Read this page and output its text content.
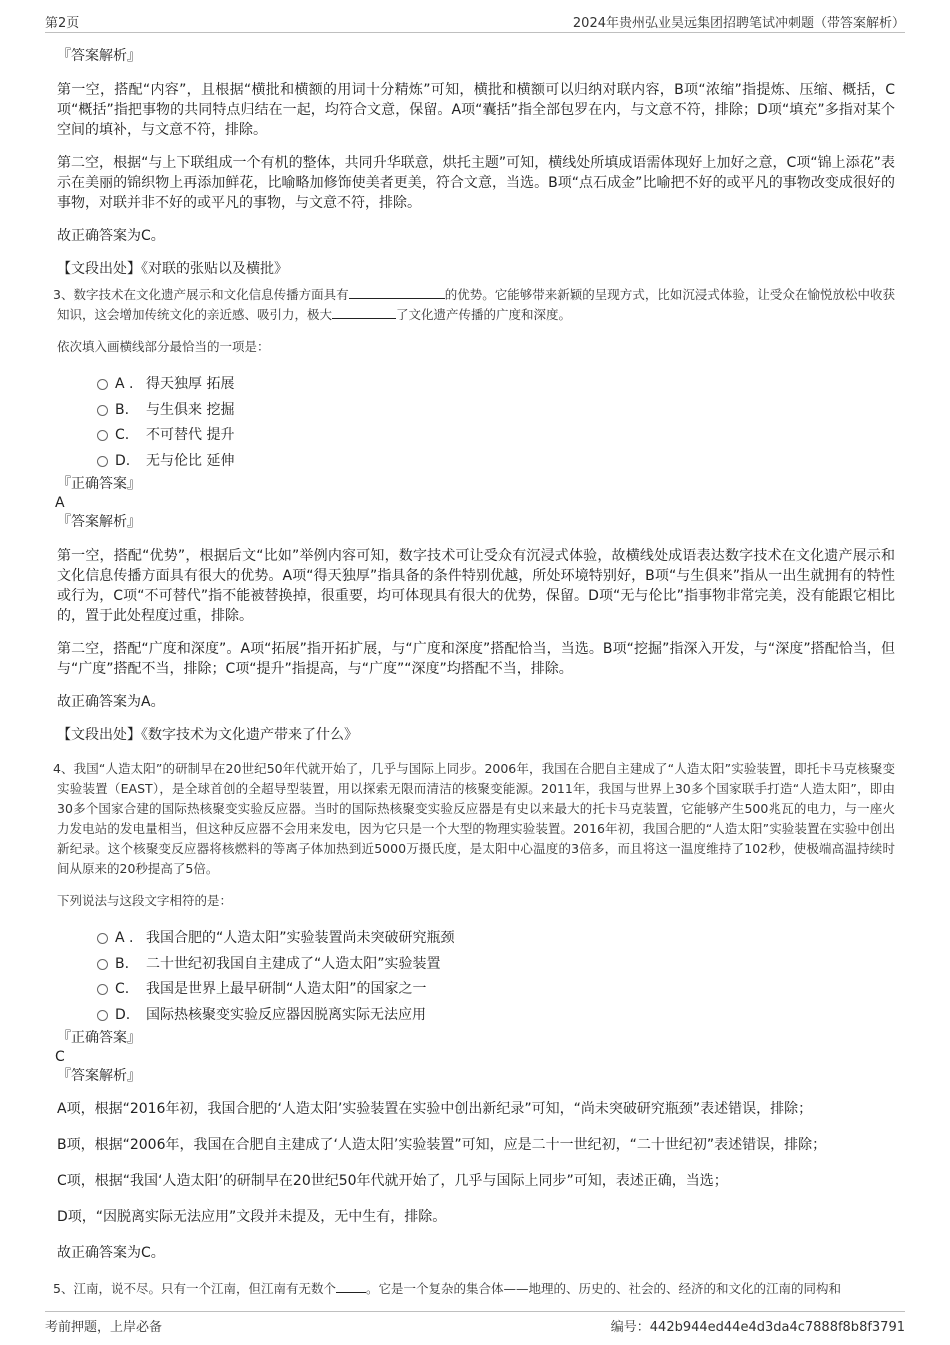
第2页	2024年贵州弘业昊远集团招聘笔试冲刺题（带答案解析）

『答案解析』

第一空，搭配“内容”，且根据“横批和横额的用词十分精炼”可知，横批和横额可以归纳对联内容，B项“浓缩”指提炼、压缩、概括，C项“概括”指把事物的共同特点归结在一起，均符合文意，保留。A项“囊括”指全部包罗在内，与文意不符，排除；D项“填充”多指对某个空间的填补，与文意不符，排除。

第二空，根据“与上下联组成一个有机的整体，共同升华联意，烘托主题”可知，横线处所填成语需体现好上加好之意，C项“锦上添花”表示在美丽的锦织物上再添加鲜花，比喻略加修饰使美者更美，符合文意，当选。B项“点石成金”比喻把不好的或平凡的事物改变成很好的事物，对联并非不好的或平凡的事物，与文意不符，排除。

故正确答案为C。

【文段出处】《对联的张贴以及横批》

3、数字技术在文化遗产展示和文化信息传播方面具有	的优势。它能够带来新颖的呈现方式，比如沉浸式体验，让受众在愉悦放松中收获知识，这会增加传统文化的亲近感、吸引力，极大	了文化遗产传播的广度和深度。

依次填入画横线部分最恰当的一项是：

A . 得天独厚 拓展
B. 与生俱来 挖掘
C. 不可替代 提升
D. 无与伦比 延伸

『正确答案』

A

『答案解析』

第一空，搭配“优势”，根据后文“比如”举例内容可知，数字技术可让受众有沉浸式体验，故横线处成语表达数字技术在文化遗产展示和文化信息传播方面具有很大的优势。A项“得天独厚”指具备的条件特别优越，所处环境特别好，B项“与生俱来”指从一出生就拥有的特性或行为，C项“不可替代”指不能被替换掉，很重要，均可体现具有很大的优势，保留。D项“无与伦比”指事物非常完美，没有能跟它相比的，置于此处程度过重，排除。

第二空，搭配“广度和深度”。A项“拓展”指开拓扩展，与“广度和深度”搭配恰当，当选。B项“挖掘”指深入开发，与“深度”搭配恰当，但与“广度”搭配不当，排除；C项“提升”指提高，与“广度”“深度”均搭配不当，排除。

故正确答案为A。

【文段出处】《数字技术为文化遗产带来了什么》

4、我国“人造太阳”的研制早在20世纪50年代就开始了，几乎与国际上同步。2006年，我国在合肥自主建成了“人造太阳”实验装置，即托卡马克核聚变实验装置（EAST），是全球首创的全超导型装置，用以探索无限而清洁的核聚变能源。2011年，我国与世界上30多个国家联手打造“人造太阳”，即由30多个国家合建的国际热核聚变实验反应器。当时的国际热核聚变实验反应器是有史以来最大的托卡马克装置，它能够产生500兆瓦的电力，与一座火力发电站的发电量相当，但这种反应器不会用来发电，因为它只是一个大型的物理实验装置。2016年初，我国合肥的“人造太阳”实验装置在实验中创出新纪录。这个核聚变反应器将核燃料的等离子体加热到近5000万摄氏度，是太阳中心温度的3倍多，而且将这一温度维持了102秒，使极端高温持续时间从原来的20秒提高了5倍。

下列说法与这段文字相符的是：

A . 我国合肥的“人造太阳”实验装置尚未突破研究瓶颈
B. 二十世纪初我国自主建成了“人造太阳”实验装置
C. 我国是世界上最早研制“人造太阳”的国家之一
D. 国际热核聚变实验反应器因脱离实际无法应用

『正确答案』

C

『答案解析』

A项，根据“2016年初，我国合肥的‘人造太阳’实验装置在实验中创出新纪录”可知，“尚未突破研究瓶颈”表述错误，排除；

B项，根据“2006年，我国在合肥自主建成了‘人造太阳’实验装置”可知，应是二十一世纪初，“二十世纪初”表述错误，排除；

C项，根据“我国‘人造太阳’的研制早在20世纪50年代就开始了，几乎与国际上同步”可知，表述正确，当选；

D项，“因脱离实际无法应用”文段并未提及，无中生有，排除。

故正确答案为C。

5、江南，说不尽。只有一个江南，但江南有无数个 。它是一个复杂的集合体——地理的、历史的、社会的、经济的和文化的江南的同构和

考前押题，上岸必备	编号：442b944ed44e4d3da4c7888f8b8f3791
